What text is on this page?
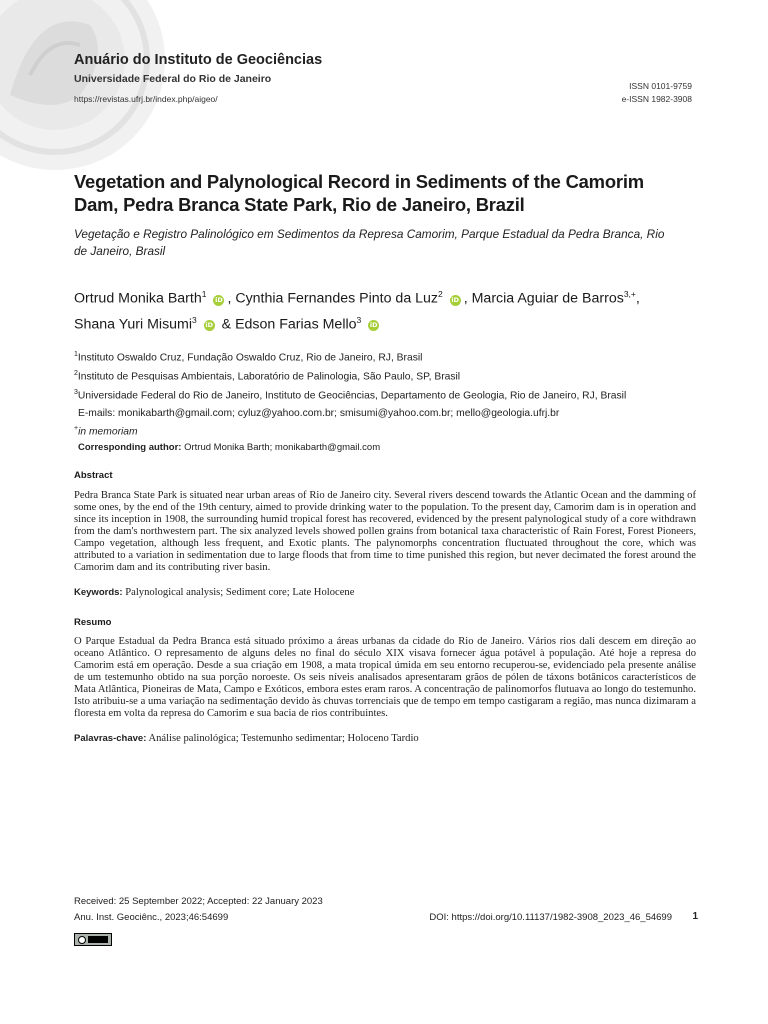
Anuário do Instituto de Geociências
Universidade Federal do Rio de Janeiro
https://revistas.ufrj.br/index.php/aigeo/
ISSN 0101-9759
e-ISSN 1982-3908
Vegetation and Palynological Record in Sediments of the Camorim Dam, Pedra Branca State Park, Rio de Janeiro, Brazil
Vegetação e Registro Palinológico em Sedimentos da Represa Camorim, Parque Estadual da Pedra Branca, Rio de Janeiro, Brasil
Ortrud Monika Barth$^1$ iD , Cynthia Fernandes Pinto da Luz$^2$ iD , Marcia Aguiar de Barros$^{3,+}$,
Shana Yuri Misumi$^3$ iD & Edson Farias Mello$^3$ iD
$^1$Instituto Oswaldo Cruz, Fundação Oswaldo Cruz, Rio de Janeiro, RJ, Brasil
$^2$Instituto de Pesquisas Ambientais, Laboratório de Palinologia, São Paulo, SP, Brasil
$^3$Universidade Federal do Rio de Janeiro, Instituto de Geociências, Departamento de Geologia, Rio de Janeiro, RJ, Brasil
E-mails: monikabarth@gmail.com; cyluz@yahoo.com.br; smisumi@yahoo.com.br; mello@geologia.ufrj.br
+in memoriam
Corresponding author: Ortrud Monika Barth; monikabarth@gmail.com
Abstract
Pedra Branca State Park is situated near urban areas of Rio de Janeiro city. Several rivers descend towards the Atlantic Ocean and the damming of some ones, by the end of the 19th century, aimed to provide drinking water to the population. To the present day, Camorim dam is in operation and since its inception in 1908, the surrounding humid tropical forest has recovered, evidenced by the present palynological study of a core withdrawn from the dam's northwestern part. The six analyzed levels showed pollen grains from botanical taxa characteristic of Rain Forest, Forest Pioneers, Campo vegetation, although less frequent, and Exotic plants. The palynomorphs concentration fluctuated throughout the core, which was attributed to a variation in sedimentation due to large floods that from time to time punished this region, but never decimated the forest around the Camorim dam and its contributing river basin.
Keywords: Palynological analysis; Sediment core; Late Holocene
Resumo
O Parque Estadual da Pedra Branca está situado próximo a áreas urbanas da cidade do Rio de Janeiro. Vários rios dali descem em direção ao oceano Atlântico. O represamento de alguns deles no final do século XIX visava fornecer água potável à população. Até hoje a represa do Camorim está em operação. Desde a sua criação em 1908, a mata tropical úmida em seu entorno recuperou-se, evidenciado pela presente análise de um testemunho obtido na sua porção noroeste. Os seis níveis analisados apresentaram grãos de pólen de táxons botânicos característicos de Mata Atlântica, Pioneiras de Mata, Campo e Exóticos, embora estes eram raros. A concentração de palinomorfos flutuava ao longo do testemunho. Isto atribuiu-se a uma variação na sedimentação devido às chuvas torrenciais que de tempo em tempo castigaram a região, mas nunca dizimaram a floresta em volta da represa do Camorim e sua bacia de rios contribuintes.
Palavras-chave: Análise palinológica; Testemunho sedimentar; Holoceno Tardio
Received: 25 September 2022; Accepted: 22 January 2023
Anu. Inst. Geociênc., 2023;46:54699	DOI: https://doi.org/10.11137/1982-3908_2023_46_54699 1
